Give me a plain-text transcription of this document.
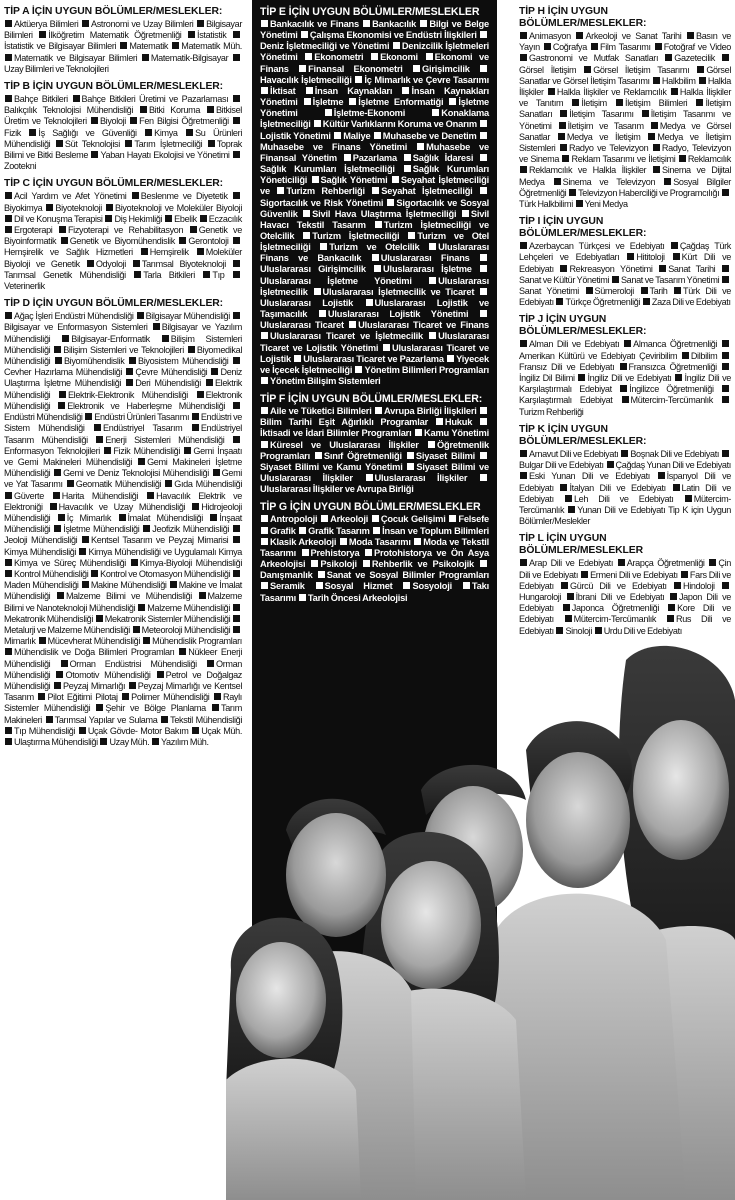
TİP A İÇİN UYGUN BÖLÜMLER/MESLEKLER:
Aktüerya Bilimleri Astronomi ve Uzay Bilimleri Bilgisayar Bilimleri İlköğretim Matematik Öğretmenliği İstatistik İstatistik ve Bilgisayar Bilimleri Matematik Matematik Müh. Matematik ve Bilgisayar Bilimleri Matematik-Bilgisayar Uzay Bilimleri ve Teknolojileri
TİP B İÇİN UYGUN BÖLÜMLER/MESLEKLER:
Bahçe Bitkileri Bahçe Bitkileri Üretimi ve Pazarlaması Balıkçılık Teknolojisi Mühendisliği Bitki Koruma Bitkisel Üretim ve Teknolojileri Biyoloji Fen Bilgisi Öğretmenliği Fizik İş Sağlığı ve Güvenliği Kimya Su Ürünleri Mühendisliği Süt Teknolojisi Tarım İşletmeciliği Toprak Bilimi ve Bitki Besleme Yaban Hayatı Ekolojisi ve Yönetimi Zootekni
TİP C İÇİN UYGUN BÖLÜMLER/MESLEKLER:
Acil Yardım ve Afet Yönetimi Beslenme ve Diyetetik Biyokimya Biyoteknoloji Biyoteknoloji ve Moleküler Biyoloji Dil ve Konuşma Terapisi Diş Hekimliği Ebelik Eczacılık Ergoterapi Fizyoterapi ve Rehabilitasyon Genetik ve Biyoinformatik Genetik ve Biyomühendislik Gerontoloji Hemşirelik ve Sağlık Hizmetleri Hemşirelik Moleküler Biyoloji ve Genetik Odyoloji Tarımsal Biyoteknoloji Tarımsal Genetik Mühendisliği Tarla Bitkileri Tıp Veterinerlik
TİP D İÇİN UYGUN BÖLÜMLER/MESLEKLER:
Ağaç İşleri Endüstri Mühendisliği Bilgisayar Mühendisliği Bilgisayar ve Enformasyon Sistemleri Bilgisayar ve Yazılım Mühendisliği Bilgisayar-Enformatik Bilişim Sistemleri Mühendisliği Bilişim Sistemleri ve Teknolojileri Biyomedikal Mühendisliği Biyomühendislik Biyosistem Mühendisliği Cevher Hazırlama Mühendisliği Çevre Mühendisliği Deniz Ulaştırma İşletme Mühendisliği Deri Mühendisliği Elektrik Mühendisliği Elektrik-Elektronik Mühendisliği Elektronik Mühendisliği Elektronik ve Haberleşme Mühendisliği Endüstri Mühendisliği Endüstri Ürünleri Tasarımı Endüstri ve Sistem Mühendisliği Endüstriyel Tasarım Endüstriyel Tasarım Mühendisliği Enerji Sistemleri Mühendisliği Enformasyon Teknolojileri Fizik Mühendisliği Gemi İnşaatı ve Gemi Makineleri Mühendisliği Gemi Makineleri İşletme Mühendisliği Gemi ve Deniz Teknolojisi Mühendisliği Gemi ve Yat Tasarımı Geomatik Mühendisliği Gıda Mühendisliği Güverte Harita Mühendisliği Havacılık Elektrik ve Elektroniği Havacılık ve Uzay Mühendisliği Hidrojeoloji Mühendisliği İç Mimarlık İmalat Mühendisliği İnşaat Mühendisliği İşletme Mühendisliği Jeofizik Mühendisliği Jeoloji Mühendisliği Kentsel Tasarım ve Peyzaj Mimarisi Kimya Mühendisliği Kimya Mühendisliği ve Uygulamalı Kimya Kimya ve Süreç Mühendisliği Kimya-Biyoloji Mühendisliği Kontrol Mühendisliği Kontrol ve Otomasyon Mühendisliği Maden Mühendisliği Makine Mühendisliği Makine ve İmalat Mühendisliği Malzeme Bilimi ve Mühendisliği Malzeme Bilimi ve Nanoteknoloji Mühendisliği Malzeme Mühendisliği Mekatronik Mühendisliği Mekatronik Sistemler Mühendisliği Metalurji ve Malzeme Mühendisliği Meteoroloji Mühendisliği Mimarlık Mücevherat Mühendisliği Mühendislik Programları Mühendislik ve Doğa Bilimleri Programları Nükleer Enerji Mühendisliği Orman Endüstrisi Mühendisliği Orman Mühendisliği Otomotiv Mühendisliği Petrol ve Doğalgaz Mühendisliği Peyzaj Mimarlığı Peyzaj Mimarlığı ve Kentsel Tasarım Pilot Eğitimi Pilotaj Polimer Mühendisliği Raylı Sistemler Mühendisliği Şehir ve Bölge Planlama Tarım Makineleri Tarımsal Yapılar ve Sulama Tekstil Mühendisliği Tıp Mühendisliği Uçak Gövde- Motor Bakım Uçak Müh. Ulaştırma Mühendisliği Uzay Müh. Yazılım Müh.
TİP E İÇİN UYGUN BÖLÜMLER/MESLEKLER
Bankacılık ve Finans Bankacılık Bilgi ve Belge Yönetimi Çalışma Ekonomisi ve Endüstri İlişkileri Deniz İşletmeciliği ve Yönetimi Denizcilik İşletmeleri Yönetimi Ekonometri Ekonomi Ekonomi ve Finans Finansal Ekonometri Girişimcilik Havacılık İşletmeciliği İç Mimarlık ve Çevre Tasarımı İktisat İnsan Kaynakları İnsan Kaynakları Yönetimi İşletme İşletme Enformatiği İşletme Yönetimi	İşletme-Ekonomi	Konaklama İşletmeciliği Kültür Varlıklarını Koruma ve Onarım Lojistik Yönetimi Maliye Muhasebe ve Denetim Muhasebe ve Finans Yönetimi Muhasebe ve Finansal Yönetim Pazarlama Sağlık İdaresi Sağlık Kurumları İşletmeciliği Sağlık Kurumları Yöneticiliği Sağlık Yönetimi Seyahat İşletmeciliği ve Turizm Rehberliği Seyahat İşletmeciliği Sigortacılık ve Risk Yönetimi Sigortacılık ve Sosyal Güvenlik Sivil Hava Ulaştırma İşletmeciliği Sivil Havacı Tekstil Tasarım Turizm İşletmeciliği ve Otelcilik Turizm İşletmeciliği Turizm ve Otel İşletmeciliği Turizm ve Otelcilik Uluslararası Finans ve Bankacılık Uluslararası Finans Uluslararası Girişimcilik Uluslararası İşletme Uluslararası İşletme Yönetimi	Uluslararası İşletmecilik Uluslararası İşletmecilik ve Ticaret Uluslararası Lojistik Uluslararası Lojistik ve Taşımacılık Uluslararası Lojistik Yönetimi Uluslararası Ticaret Uluslararası Ticaret ve Finans Uluslararası Ticaret ve İşletmecilik Uluslararası Ticaret ve Lojistik Yönetimi Uluslararası Ticaret ve Lojistik Uluslararası Ticaret ve Pazarlama Yiyecek ve İçecek İşletmeciliği Yönetim Bilimleri Programları Yönetim Bilişim Sistemleri
TİP F İÇİN UYGUN BÖLÜMLER/MESLEKLER:
Aile ve Tüketici Bilimleri Avrupa Birliği İlişkileri Bilim Tarihi Eşit Ağırlıklı Programlar Hukuk İktisadi ve İdari Bilimler Programları Kamu Yönetimi Küresel ve Uluslararası İlişkiler Öğretmenlik Programları Sınıf Öğretmenliği Siyaset Bilimi Siyaset Bilimi ve Kamu Yönetimi Siyaset Bilimi ve Uluslararası İlişkiler Uluslararası İlişkiler Uluslararası İlişkiler ve Avrupa Birliği
TİP G İÇİN UYGUN BÖLÜMLER/MESLEKLER
Antropoloji Arkeoloji Çocuk Gelişimi Felsefe Grafik Grafik Tasarım İnsan ve Toplum Bilimleri Klasik Arkeoloji Moda Tasarımı Moda ve Tekstil Tasarımı Prehistorya Protohistorya ve Ön Asya Arkeolojisi Psikoloji Rehberlik ve Psikolojik Danışmanlık Sanat ve Sosyal Bilimler Programları Seramik Sosyal Hizmet Sosyoloji Takı Tasarımı Tarih Öncesi Arkeolojisi
TİP H İÇİN UYGUN BÖLÜMLER/MESLEKLER:
Animasyon Arkeoloji ve Sanat Tarihi Basın ve Yayın Coğrafya Film Tasarımı Fotoğraf ve Video Gastronomi ve Mutfak Sanatları Gazetecilik Görsel İletişim Görsel İletişim Tasarımı Görsel Sanatlar ve Görsel İletişim Tasarımı Halkbilim Halkla İlişkiler Halkla İlişkiler ve Reklamcılık Halkla İlişkiler ve Tanıtım İletişim İletişim Bilimleri İletişim Sanatları İletişim Tasarımı İletişim Tasarımı ve Yönetimi İletişim ve Tasarım Medya ve Görsel Sanatlar Medya ve İletişim Medya ve İletişim Sistemleri Radyo ve Televizyon Radyo, Televizyon ve Sinema Reklam Tasarımı ve İletişimi Reklamcılık Reklamcılık ve Halkla İlişkiler Sinema ve Dijital Medya Sinema ve Televizyon Sosyal Bilgiler Öğretmenliği Televizyon Haberciliği ve Programcılığı Türk Halkbilimi Yeni Medya
TİP I İÇİN UYGUN BÖLÜMLER/MESLEKLER:
Azerbaycan Türkçesi ve Edebiyatı Çağdaş Türk Lehçeleri ve Edebiyatları Hititoloji Kürt Dili ve Edebiyatı Rekreasyon Yönetimi Sanat Tarihi Sanat ve Kültür Yönetimi Sanat ve Tasarım Yönetimi Sanat Yönetimi Sümeroloji Tarih Türk Dili ve Edebiyatı Türkçe Öğretmenliği Zaza Dili ve Edebiyatı
TİP J İÇİN UYGUN BÖLÜMLER/MESLEKLER:
Alman Dili ve Edebiyatı Almanca Öğretmenliği Amerikan Kültürü ve Edebiyatı Çeviribilim Dilbilim Fransız Dili ve Edebiyatı Fransızca Öğretmenliği İngiliz Dil Bilimi İngiliz Dili ve Edebiyatı İngiliz Dili ve Karşılaştırmalı Edebiyat İngilizce Öğretmenliği Karşılaştırmalı Edebiyat Mütercim-Tercümanlık Turizm Rehberliği
TİP K İÇİN UYGUN BÖLÜMLER/MESLEKLER:
Arnavut Dili ve Edebiyatı Boşnak Dili ve Edebiyatı Bulgar Dili ve Edebiyatı Çağdaş Yunan Dili ve Edebiyatı Eski Yunan Dili ve Edebiyatı İspanyol Dili ve Edebiyatı İtalyan Dili ve Edebiyatı Latin Dili ve Edebiyatı Leh Dili ve Edebiyatı Mütercim-Tercümanlık Yunan Dili ve Edebiyatı Tip K için Uygun Bölümler/Meslekler
TİP L İÇİN UYGUN BÖLÜMLER/MESLEKLER
Arap Dili ve Edebiyatı Arapça Öğretmenliği Çin Dili ve Edebiyatı Ermeni Dili ve Edebiyatı Fars Dili ve Edebiyatı Gürcü Dili ve Edebiyatı Hindoloji Hungaroloji İbrani Dili ve Edebiyatı Japon Dili ve Edebiyatı Japonca Öğretmenliği Kore Dili ve Edebiyatı Mütercim-Tercümanlık Rus Dili ve Edebiyatı Sinoloji Urdu Dili ve Edebiyatı
